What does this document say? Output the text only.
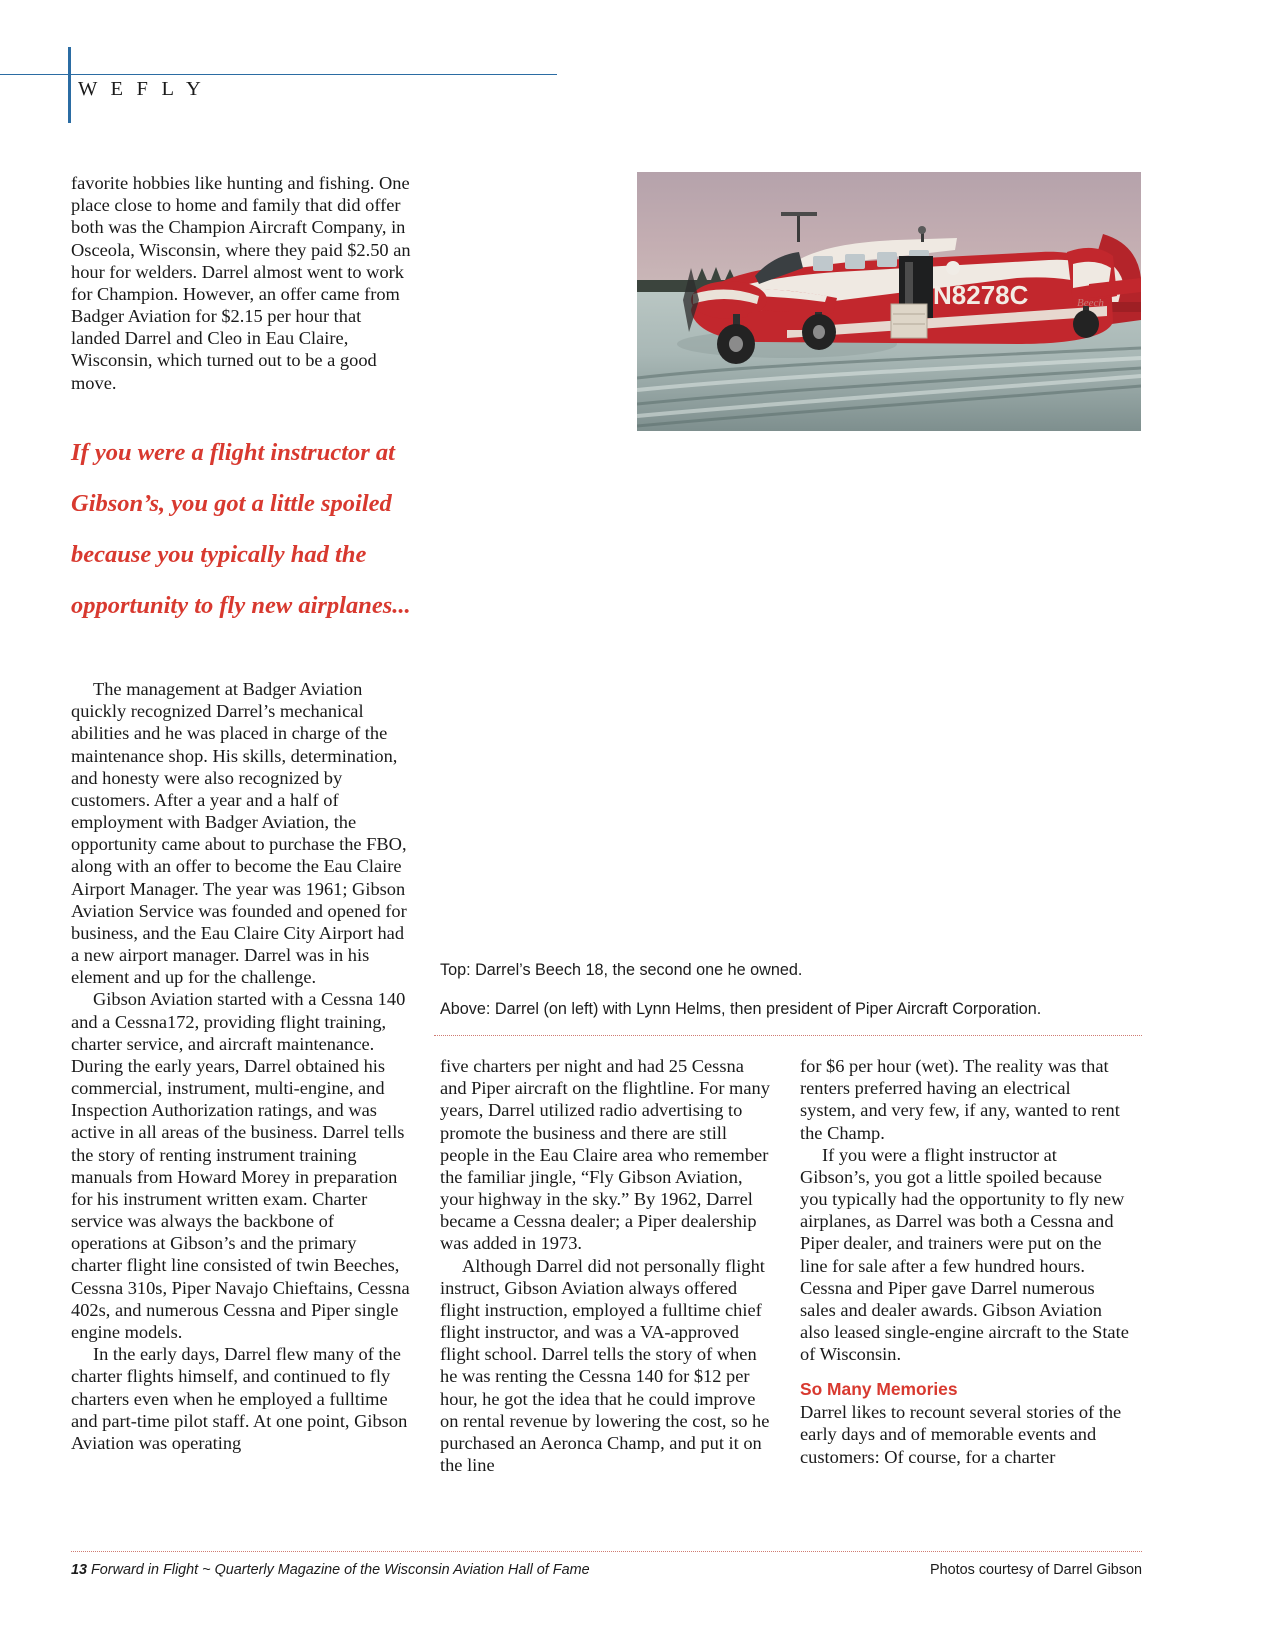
W E F L Y

favorite hobbies like hunting and fishing. One place close to home and family that did offer both was the Champion Aircraft Company, in Osceola, Wisconsin, where they paid $2.50 an hour for welders. Darrel almost went to work for Champion. However, an offer came from Badger Aviation for $2.15 per hour that landed Darrel and Cleo in Eau Claire, Wisconsin, which turned out to be a good move.

If you were a flight instructor at Gibson’s, you got a little spoiled because you typically had the opportunity to fly new airplanes...

The management at Badger Aviation quickly recognized Darrel’s mechanical abilities and he was placed in charge of the maintenance shop. His skills, determination, and honesty were also recognized by customers. After a year and a half of employment with Badger Aviation, the opportunity came about to purchase the FBO, along with an offer to become the Eau Claire Airport Manager. The year was 1961; Gibson Aviation Service was founded and opened for business, and the Eau Claire City Airport had a new airport manager. Darrel was in his element and up for the challenge.

Gibson Aviation started with a Cessna 140 and a Cessna172, providing flight training, charter service, and aircraft maintenance. During the early years, Darrel obtained his commercial, instrument, multi-engine, and Inspection Authorization ratings, and was active in all areas of the business. Darrel tells the story of renting instrument training manuals from Howard Morey in preparation for his instrument written exam. Charter service was always the backbone of operations at Gibson’s and the primary charter flight line consisted of twin Beeches, Cessna 310s, Piper Navajo Chieftains, Cessna 402s, and numerous Cessna and Piper single engine models.

In the early days, Darrel flew many of the charter flights himself, and continued to fly charters even when he employed a fulltime and part-time pilot staff. At one point, Gibson Aviation was operating

N8278C	Beech
Top: Darrel’s Beech 18, the second one he owned.
Above: Darrel (on left) with Lynn Helms, then president of Piper Aircraft Corporation.

five charters per night and had 25 Cessna and Piper aircraft on the flightline. For many years, Darrel utilized radio advertising to promote the business and there are still people in the Eau Claire area who remember the familiar jingle, “Fly Gibson Aviation, your highway in the sky.” By 1962, Darrel became a Cessna dealer; a Piper dealership was added in 1973.

Although Darrel did not personally flight instruct, Gibson Aviation always offered flight instruction, employed a fulltime chief flight instructor, and was a VA-approved flight school. Darrel tells the story of when he was renting the Cessna 140 for $12 per hour, he got the idea that he could improve on rental revenue by lowering the cost, so he purchased an Aeronca Champ, and put it on the line

for $6 per hour (wet). The reality was that renters preferred having an electrical system, and very few, if any, wanted to rent the Champ.

If you were a flight instructor at Gibson’s, you got a little spoiled because you typically had the opportunity to fly new airplanes, as Darrel was both a Cessna and Piper dealer, and trainers were put on the line for sale after a few hundred hours. Cessna and Piper gave Darrel numerous sales and dealer awards. Gibson Aviation also leased single-engine aircraft to the State of Wisconsin.

So Many Memories

Darrel likes to recount several stories of the early days and of memorable events and customers: Of course, for a charter

13 Forward in Flight ~ Quarterly Magazine of the Wisconsin Aviation Hall of Fame	Photos courtesy of Darrel Gibson
